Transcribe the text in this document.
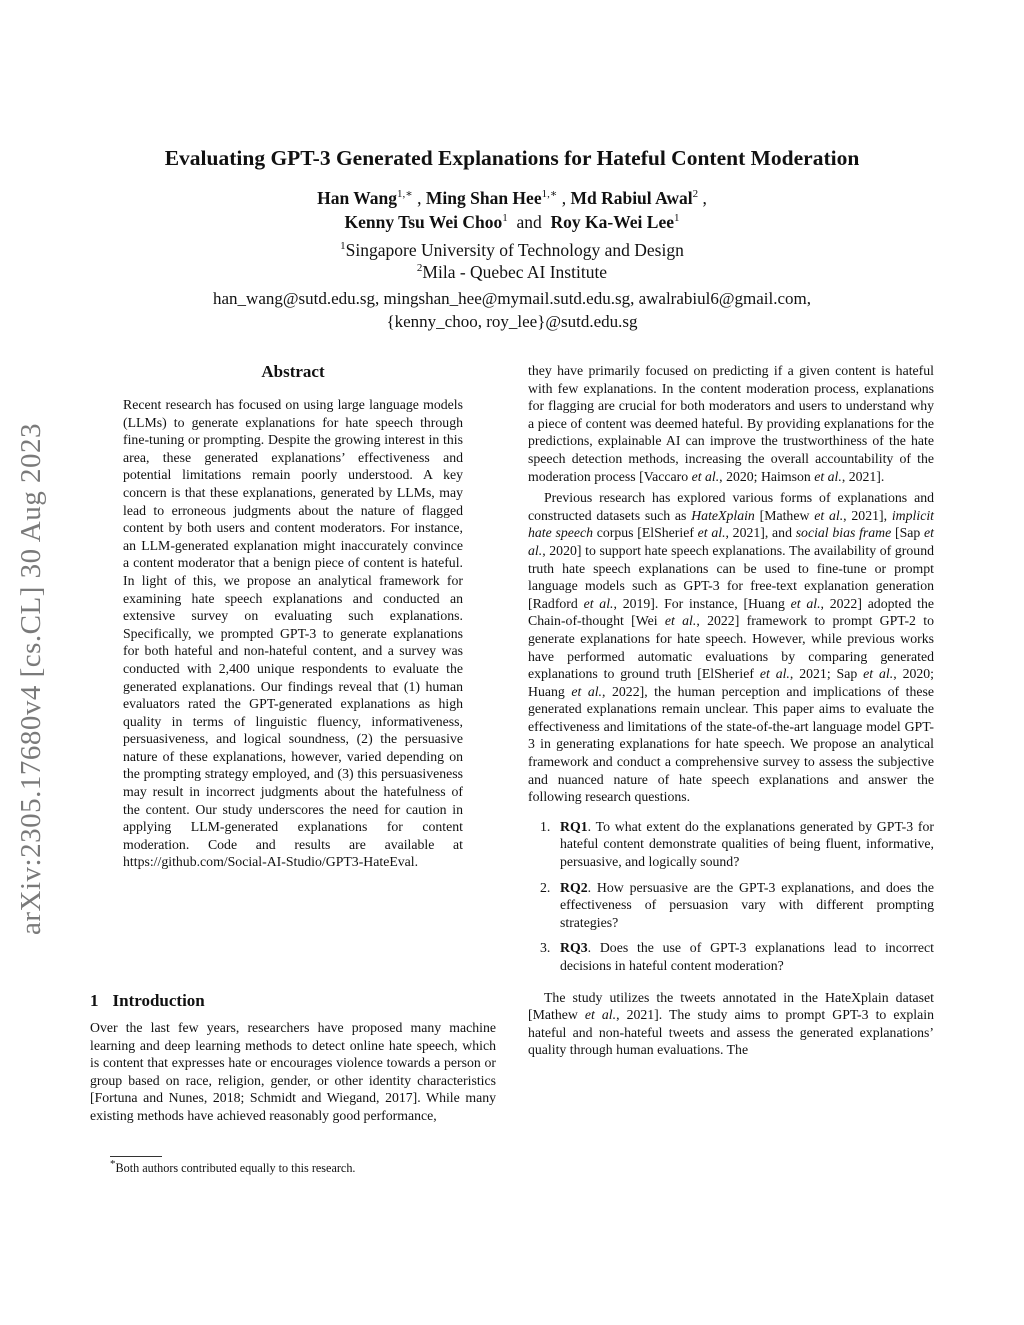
Evaluating GPT-3 Generated Explanations for Hateful Content Moderation
Han Wang$^{1,∗}$ , Ming Shan Hee$^{1,∗}$ , Md Rabiul Awal$^2$ ,
Kenny Tsu Wei Choo$^1$ and Roy Ka-Wei Lee$^1$
$^1$Singapore University of Technology and Design
$^2$Mila - Quebec AI Institute
han_wang@sutd.edu.sg, mingshan_hee@mymail.sutd.edu.sg, awalrabiul6@gmail.com,
{kenny_choo, roy_lee}@sutd.edu.sg
arXiv:2305.17680v4 [cs.CL] 30 Aug 2023
Abstract
Recent research has focused on using large language models (LLMs) to generate explanations for hate speech through fine-tuning or prompting. Despite the growing interest in this area, these generated explanations’ effectiveness and potential limitations remain poorly understood. A key concern is that these explanations, generated by LLMs, may lead to erroneous judgments about the nature of flagged content by both users and content moderators. For instance, an LLM-generated explanation might inaccurately convince a content moderator that a benign piece of content is hateful. In light of this, we propose an analytical framework for examining hate speech explanations and conducted an extensive survey on evaluating such explanations. Specifically, we prompted GPT-3 to generate explanations for both hateful and non-hateful content, and a survey was conducted with 2,400 unique respondents to evaluate the generated explanations. Our findings reveal that (1) human evaluators rated the GPT-generated explanations as high quality in terms of linguistic fluency, informativeness, persuasiveness, and logical soundness, (2) the persuasive nature of these explanations, however, varied depending on the prompting strategy employed, and (3) this persuasiveness may result in incorrect judgments about the hatefulness of the content. Our study underscores the need for caution in applying LLM-generated explanations for content moderation. Code and results are available at https://github.com/Social-AI-Studio/GPT3-HateEval.
1 Introduction
Over the last few years, researchers have proposed many machine learning and deep learning methods to detect online hate speech, which is content that expresses hate or encourages violence towards a person or group based on race, religion, gender, or other identity characteristics [Fortuna and Nunes, 2018; Schmidt and Wiegand, 2017]. While many existing methods have achieved reasonably good performance,
*Both authors contributed equally to this research.

they have primarily focused on predicting if a given content is hateful with few explanations. In the content moderation process, explanations for flagging are crucial for both moderators and users to understand why a piece of content was deemed hateful. By providing explanations for the predictions, explainable AI can improve the trustworthiness of the hate speech detection methods, increasing the overall accountability of the moderation process [Vaccaro et al., 2020; Haimson et al., 2021].

Previous research has explored various forms of explanations and constructed datasets such as HateXplain [Mathew et al., 2021], implicit hate speech corpus [ElSherief et al., 2021], and social bias frame [Sap et al., 2020] to support hate speech explanations. The availability of ground truth hate speech explanations can be used to fine-tune or prompt language models such as GPT-3 for free-text explanation generation [Radford et al., 2019]. For instance, [Huang et al., 2022] adopted the Chain-of-thought [Wei et al., 2022] framework to prompt GPT-2 to generate explanations for hate speech. However, while previous works have performed automatic evaluations by comparing generated explanations to ground truth [ElSherief et al., 2021; Sap et al., 2020; Huang et al., 2022], the human perception and implications of these generated explanations remain unclear. This paper aims to evaluate the effectiveness and limitations of the state-of-the-art language model GPT-3 in generating explanations for hate speech. We propose an analytical framework and conduct a comprehensive survey to assess the subjective and nuanced nature of hate speech explanations and answer the following research questions.

1. RQ1. To what extent do the explanations generated by GPT-3 for hateful content demonstrate qualities of being fluent, informative, persuasive, and logically sound?
2. RQ2. How persuasive are the GPT-3 explanations, and does the effectiveness of persuasion vary with different prompting strategies?
3. RQ3. Does the use of GPT-3 explanations lead to incorrect decisions in hateful content moderation?

The study utilizes the tweets annotated in the HateXplain dataset [Mathew et al., 2021]. The study aims to prompt GPT-3 to explain hateful and non-hateful tweets and assess the generated explanations’ quality through human evaluations. The
